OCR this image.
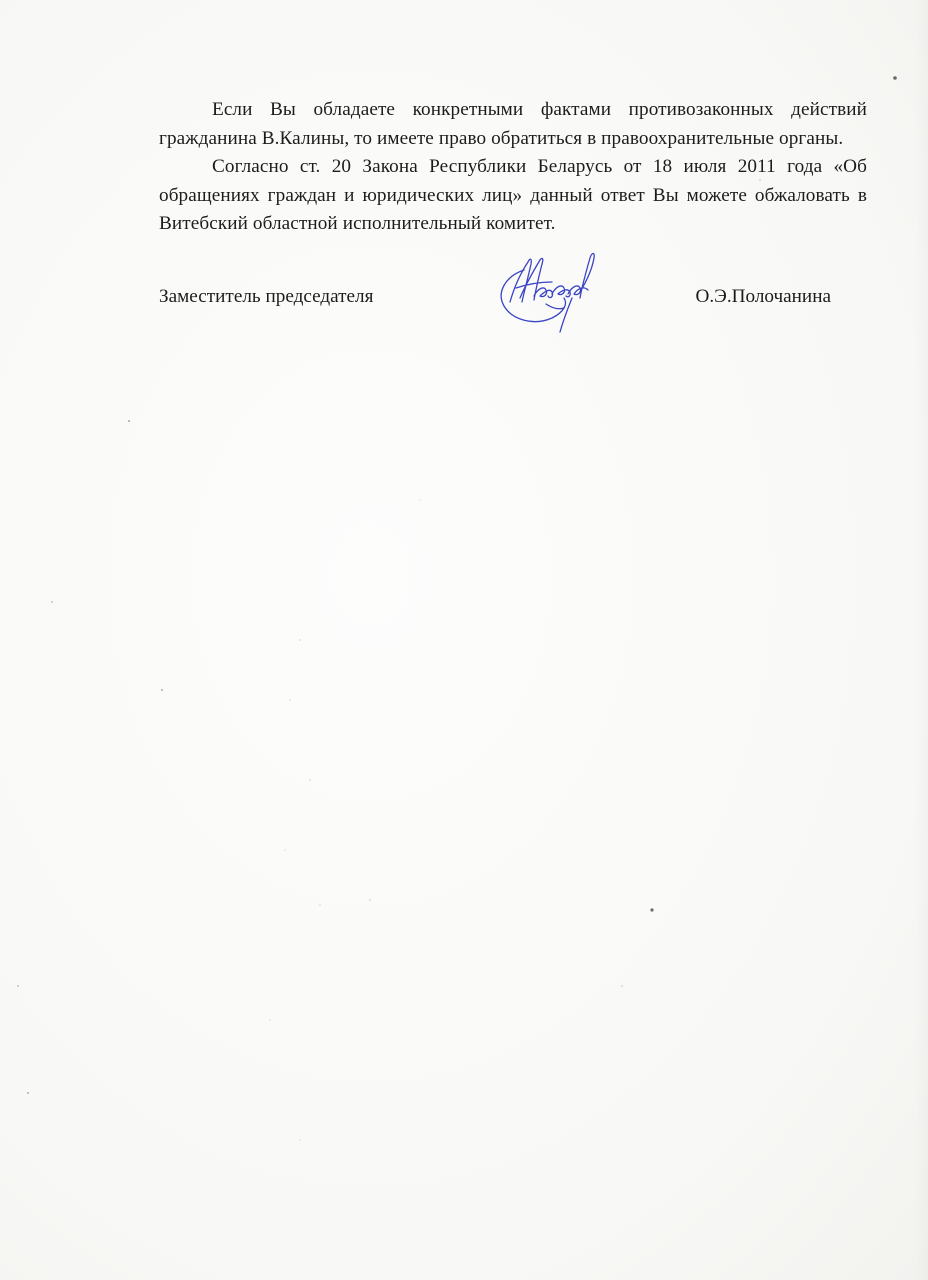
Если Вы обладаете конкретными фактами противозаконных действий гражданина В.Калины, то имеете право обратиться в правоохранительные органы.

Согласно ст. 20 Закона Республики Беларусь от 18 июля 2011 года «Об обращениях граждан и юридических лиц» данный ответ Вы можете обжаловать в Витебский областной исполнительный комитет.

Заместитель председателя	О.Э.Полочанина
